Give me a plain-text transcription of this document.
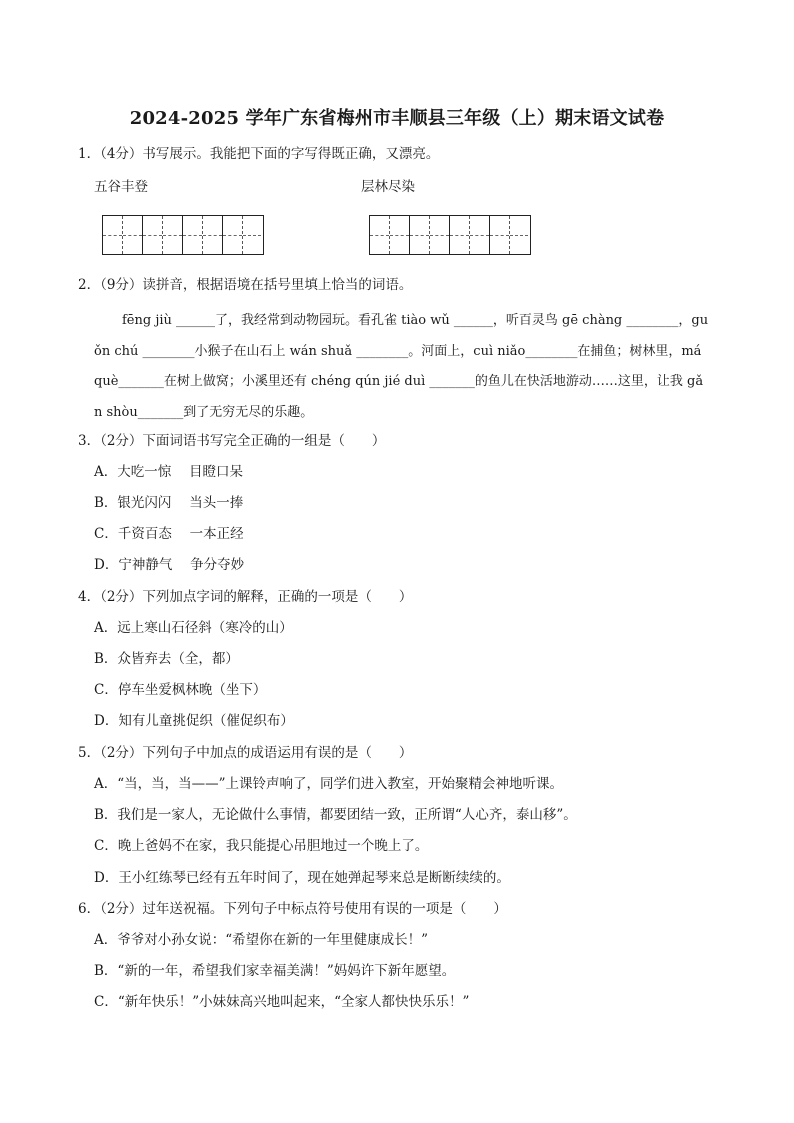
2024-2025 学年广东省梅州市丰顺县三年级（上）期末语文试卷
1．（4分）书写展示。我能把下面的字写得既正确，又漂亮。
五谷丰登	层林尽染
2．（9分）读拼音，根据语境在括号里填上恰当的词语。
fēng jiù ______了，我经常到动物园玩。看孔雀 tiào wǔ ______，听百灵鸟 gē chàng ________，gu
ǒn chú ________小猴子在山石上 wán shuǎ ________。河面上，cuì niǎo________在捕鱼；树林里，má
què_______在树上做窝；小溪里还有 chéng qún jié duì _______的鱼儿在快活地游动……这里，让我 gǎ
n shòu_______到了无穷无尽的乐趣。
3．（2分）下面词语书写完全正确的一组是（　　）
A．大吃一惊　 目瞪口呆
B．银光闪闪　 当头一捧
C．千资百态　 一本正经
D．宁神静气　 争分夺妙
4．（2分）下列加点字词的解释，正确的一项是（　　）
A．远上寒山石径斜（寒冷的山）
B．众皆弃去（全，都）
C．停车坐爱枫林晚（坐下）
D．知有儿童挑促织（催促织布）
5．（2分）下列句子中加点的成语运用有误的是（　　）
A．“当，当，当——”上课铃声响了，同学们进入教室，开始聚精会神地听课。
B．我们是一家人，无论做什么事情，都要团结一致，正所谓“人心齐，泰山移”。
C．晚上爸妈不在家，我只能提心吊胆地过一个晚上了。
D．王小红练琴已经有五年时间了，现在她弹起琴来总是断断续续的。
6．（2分）过年送祝福。下列句子中标点符号使用有误的一项是（　　）
A．爷爷对小孙女说：“希望你在新的一年里健康成长！”
B．“新的一年，希望我们家幸福美满！”妈妈许下新年愿望。
C．“新年快乐！”小妹妹高兴地叫起来，“全家人都快快乐乐！”
